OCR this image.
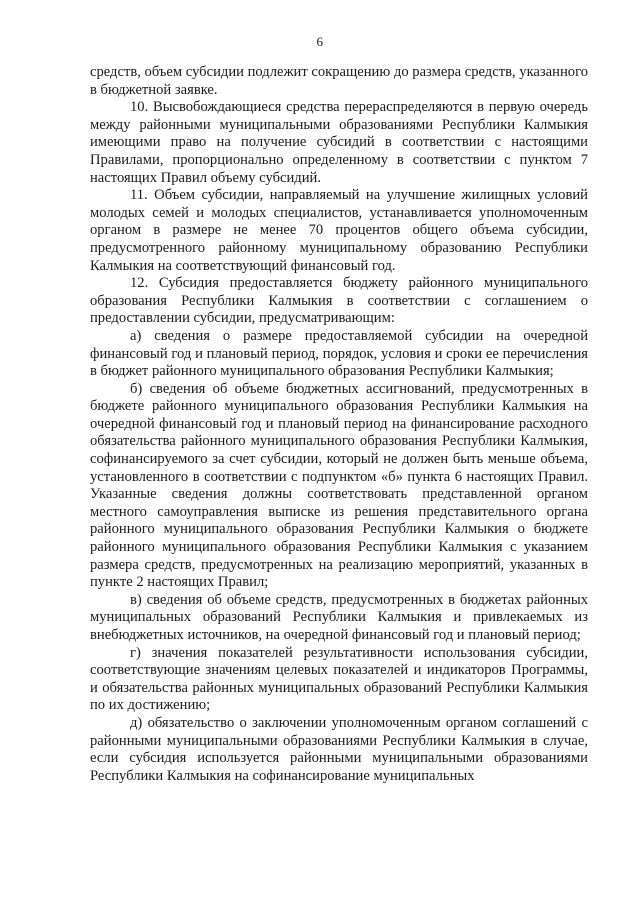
6

средств, объем субсидии подлежит сокращению до размера средств, указанного в бюджетной заявке.

10. Высвобождающиеся средства перераспределяются в первую очередь между районными муниципальными образованиями Республики Калмыкия имеющими право на получение субсидий в соответствии с настоящими Правилами, пропорционально определенному в соответствии с пунктом 7 настоящих Правил объему субсидий.

11. Объем субсидии, направляемый на улучшение жилищных условий молодых семей и молодых специалистов, устанавливается уполномоченным органом в размере не менее 70 процентов общего объема субсидии, предусмотренного районному муниципальному образованию Республики Калмыкия на соответствующий финансовый год.

12. Субсидия предоставляется бюджету районного муниципального образования Республики Калмыкия в соответствии с соглашением о предоставлении субсидии, предусматривающим:

а) сведения о размере предоставляемой субсидии на очередной финансовый год и плановый период, порядок, условия и сроки ее перечисления в бюджет районного муниципального образования Республики Калмыкия;

б) сведения об объеме бюджетных ассигнований, предусмотренных в бюджете районного муниципального образования Республики Калмыкия на очередной финансовый год и плановый период на финансирование расходного обязательства районного муниципального образования Республики Калмыкия, софинансируемого за счет субсидии, который не должен быть меньше объема, установленного в соответствии с подпунктом «б» пункта 6 настоящих Правил. Указанные сведения должны соответствовать представленной органом местного самоуправления выписке из решения представительного органа районного муниципального образования Республики Калмыкия о бюджете районного муниципального образования Республики Калмыкия с указанием размера средств, предусмотренных на реализацию мероприятий, указанных в пункте 2 настоящих Правил;

в) сведения об объеме средств, предусмотренных в бюджетах районных муниципальных образований Республики Калмыкия и привлекаемых из внебюджетных источников, на очередной финансовый год и плановый период;

г) значения показателей результативности использования субсидии, соответствующие значениям целевых показателей и индикаторов Программы, и обязательства районных муниципальных образований Республики Калмыкия по их достижению;

д) обязательство о заключении уполномоченным органом соглашений с районными муниципальными образованиями Республики Калмыкия в случае, если субсидия используется районными муниципальными образованиями Республики Калмыкия на софинансирование муниципальных
